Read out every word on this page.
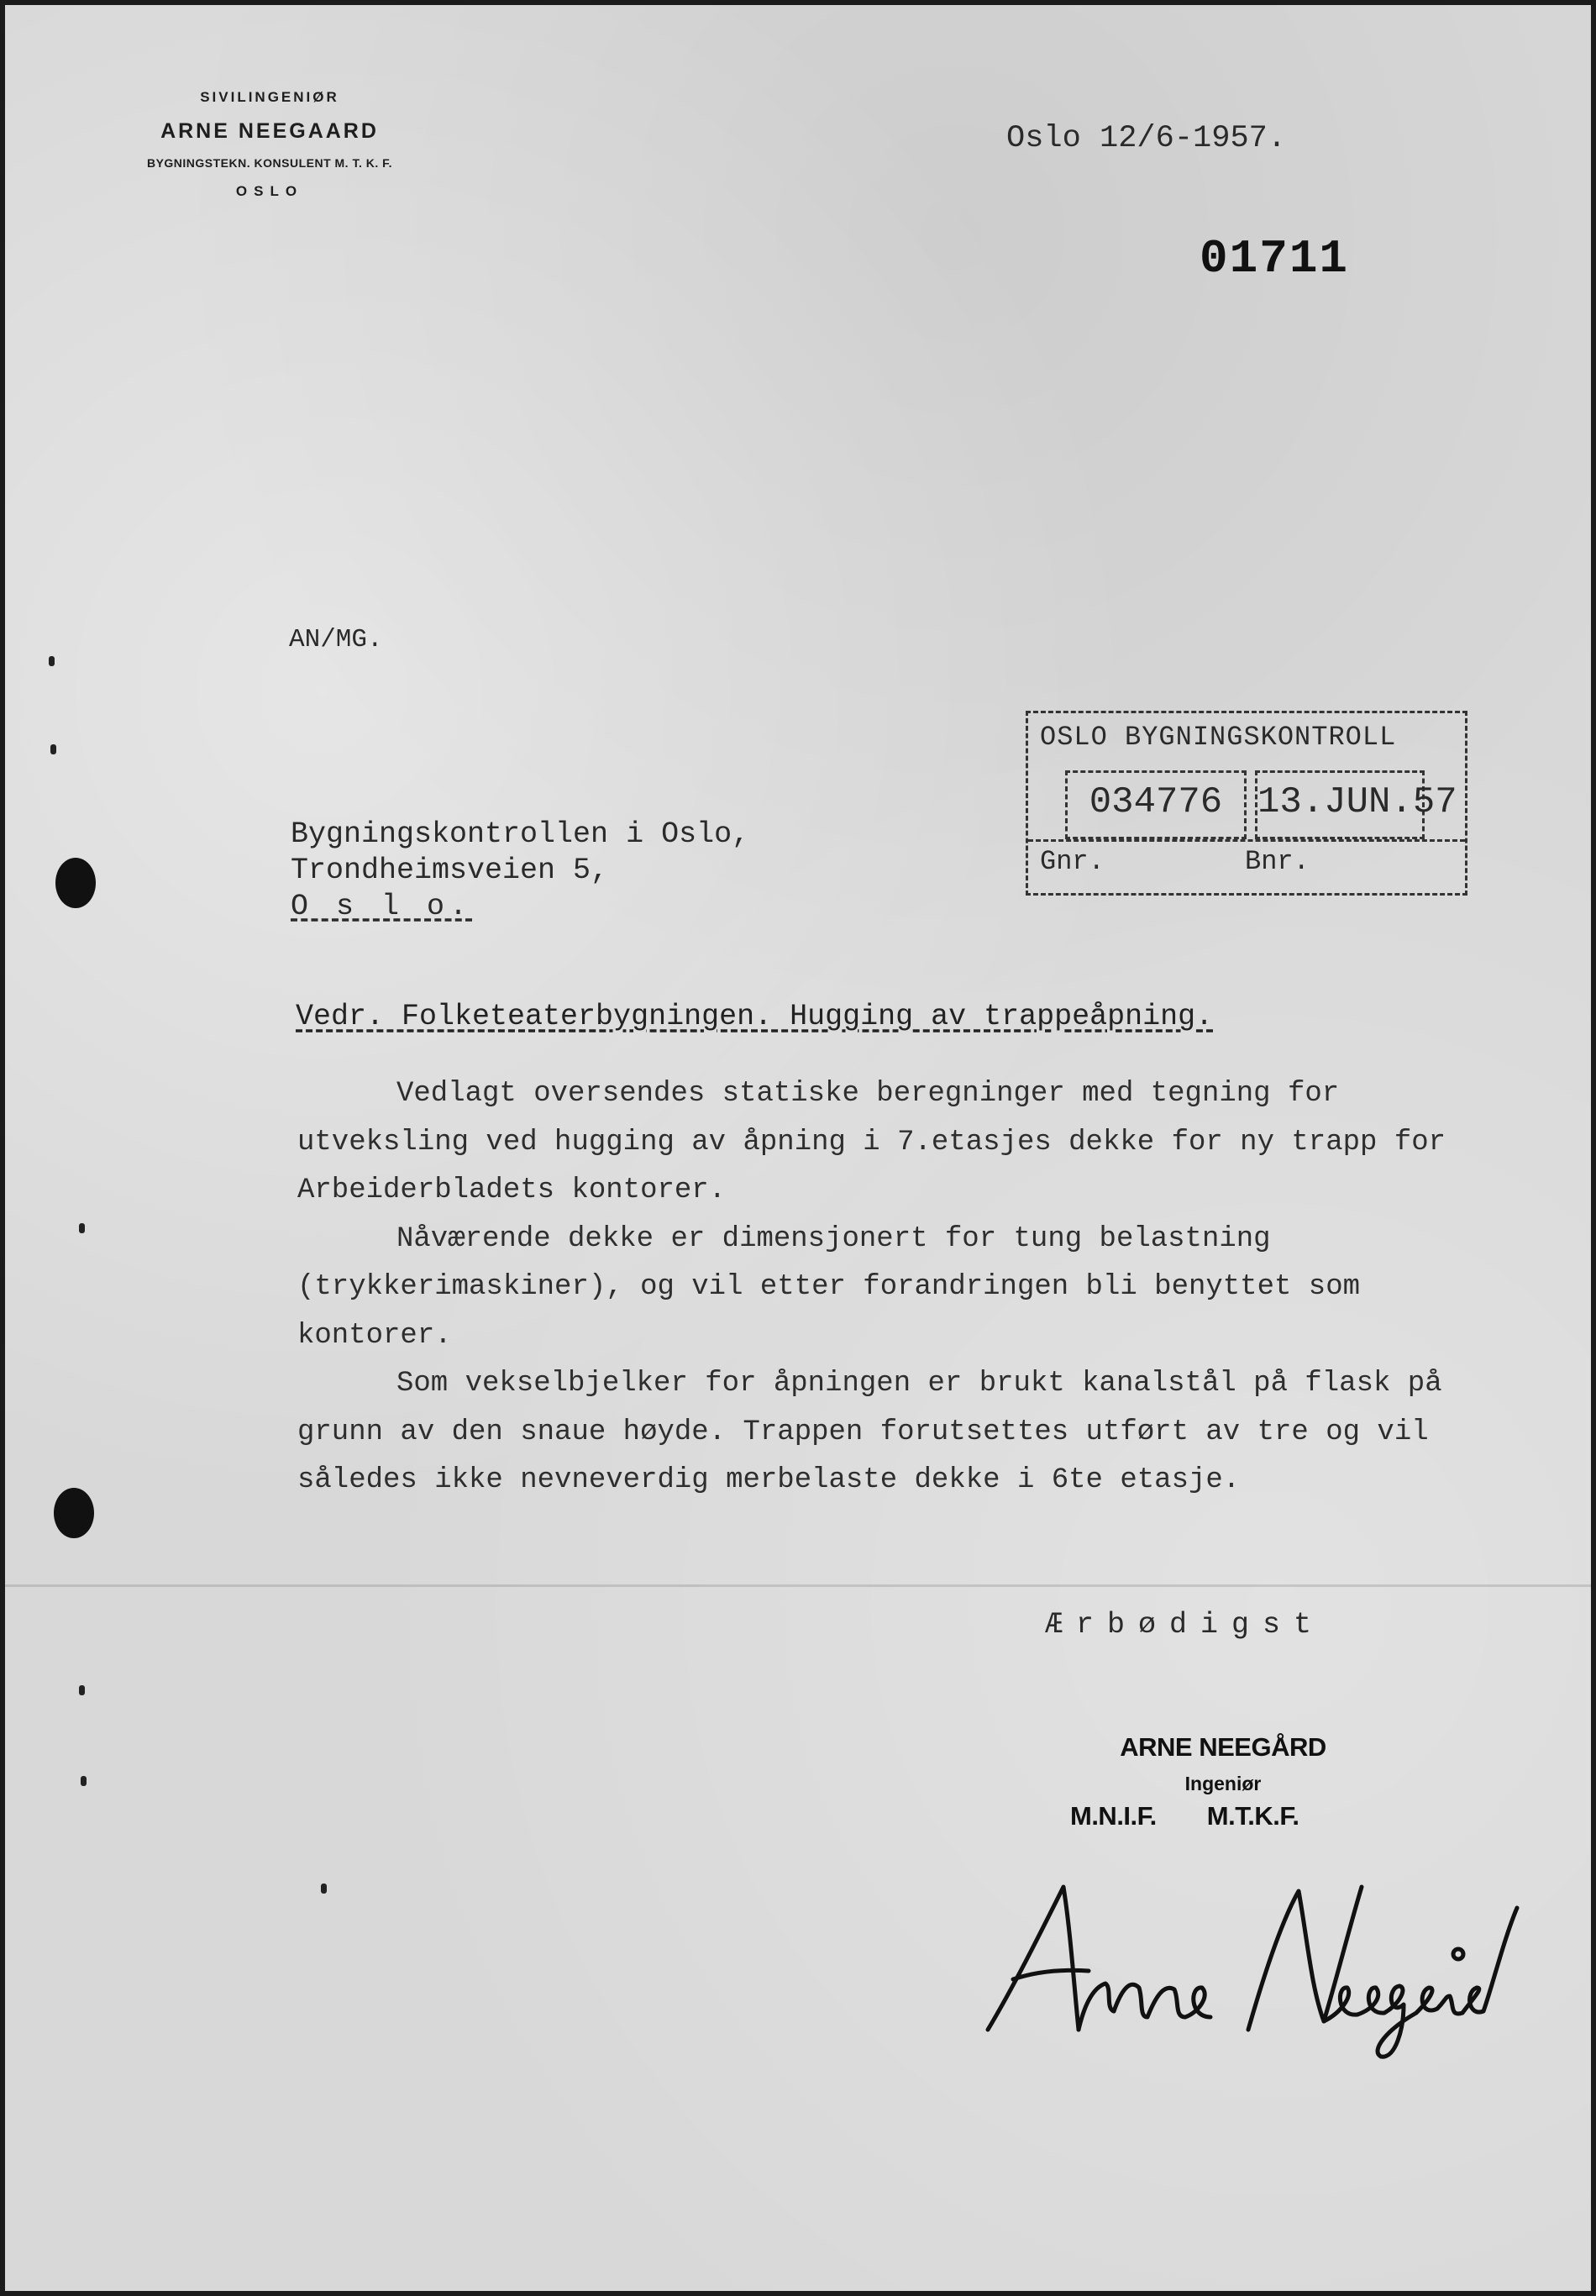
SIVILINGENIØR
ARNE NEEGAARD
BYGNINGSTEKN. KONSULENT M. T. K. F.
OSLO
Oslo 12/6-1957.
01711
AN/MG.
OSLO BYGNINGSKONTROLL
034776 13.JUN.57
Gnr.	Bnr.
Bygningskontrollen i Oslo,
Trondheimsveien 5,
O s l o.
Vedr. Folketeaterbygningen. Hugging av trappeåpning.

Vedlagt oversendes statiske beregninger med tegning for utveksling ved hugging av åpning i 7.etasjes dekke for ny trapp for Arbeiderbladets kontorer.

Nåværende dekke er dimensjonert for tung belastning (trykkerimaskiner), og vil etter forandringen bli benyttet som kontorer.

Som vekselbjelker for åpningen er brukt kanalstål på flask på grunn av den snaue høyde. Trappen forutsettes utført av tre og vil således ikke nevneverdig merbelaste dekke i 6te etasje.

Ærbødigst
ARNE NEEGÅRD
Ingeniør
M.N.I.F. M.T.K.F.
